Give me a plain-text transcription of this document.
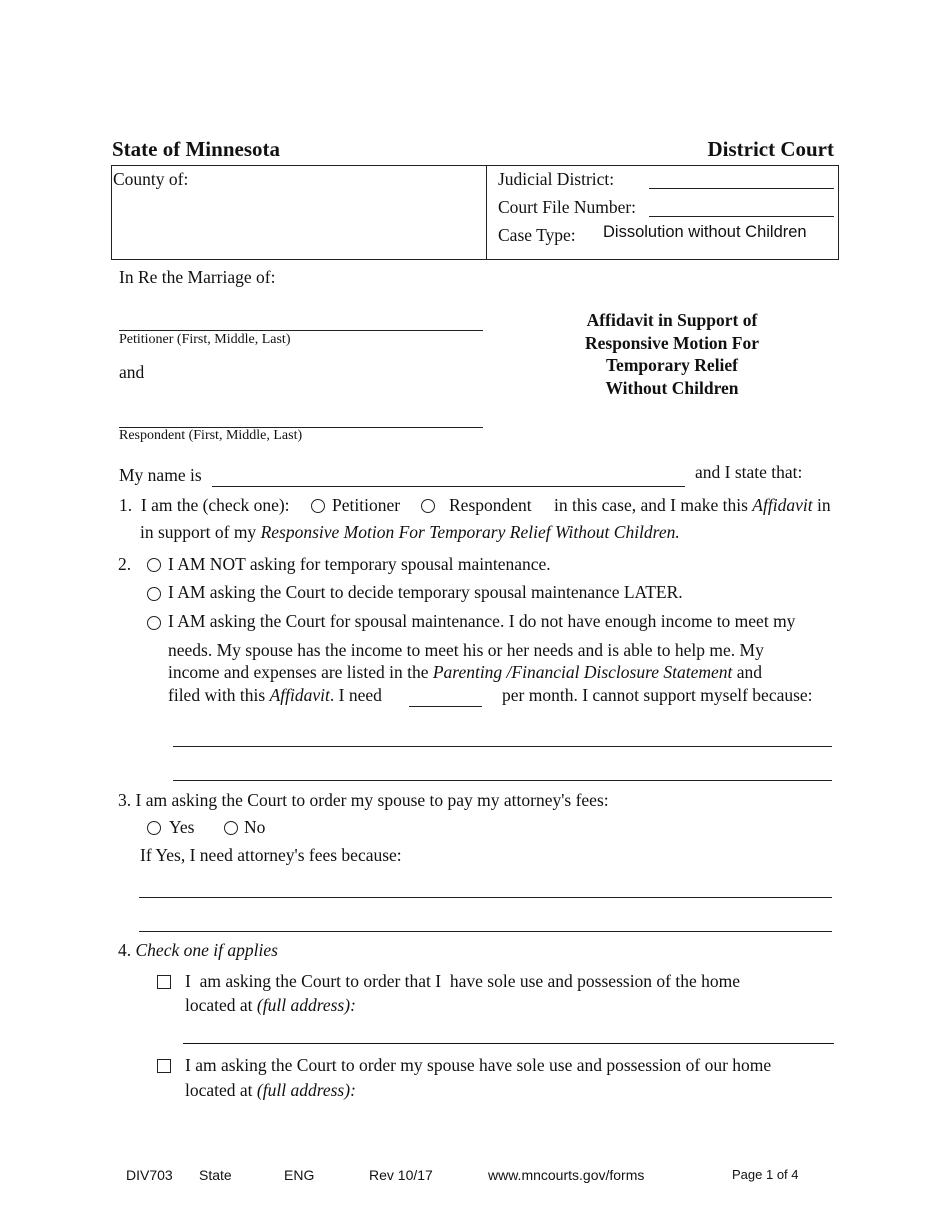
State of Minnesota	District Court
County of:	Judicial District:
Court File Number:
Case Type: Dissolution without Children
In Re the Marriage of:
Petitioner (First, Middle, Last)
and
Respondent (First, Middle, Last)
Affidavit in Support of
Responsive Motion For
Temporary Relief
Without Children
My name is	and I state that:
1.  I am the (check one): Petitioner	Respondent in this case, and I make this Affidavit in
in support of my Responsive Motion For Temporary Relief Without Children.
2. I AM NOT asking for temporary spousal maintenance.
I AM asking the Court to decide temporary spousal maintenance LATER.
I AM asking the Court for spousal maintenance. I do not have enough income to meet my
needs. My spouse has the income to meet his or her needs and is able to help me. My
income and expenses are listed in the Parenting /Financial Disclosure Statement and
filed with this Affidavit. I need	per month. I cannot support myself because:
3. I am asking the Court to order my spouse to pay my attorney's fees:
Yes	No
If Yes, I need attorney's fees because:
4. Check one if applies
I  am asking the Court to order that I  have sole use and possession of the home
located at (full address):
I am asking the Court to order my spouse have sole use and possession of our home
located at (full address):
DIV703 State	ENG	Rev 10/17	www.mncourts.gov/forms	Page 1 of 4
